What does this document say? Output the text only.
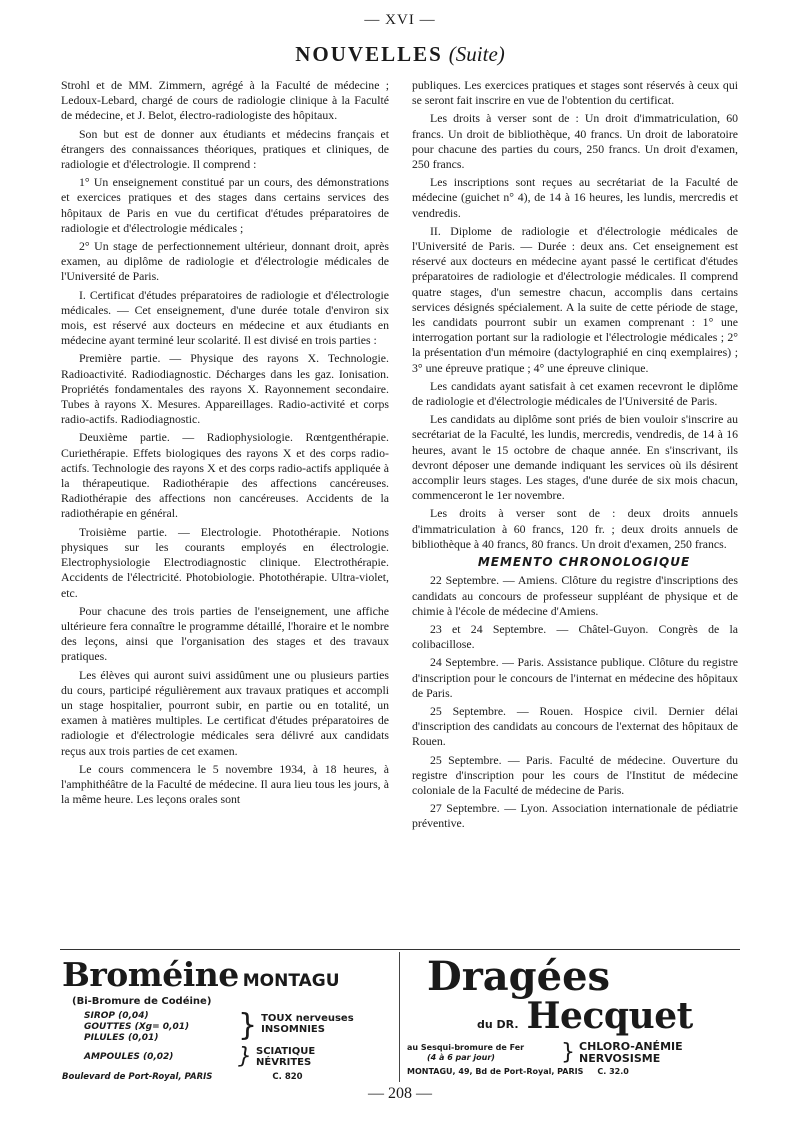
— XVI —
NOUVELLES (Suite)

Strohl et de MM. Zimmern, agrégé à la Faculté de médecine ; Ledoux-Lebard, chargé de cours de radiologie clinique à la Faculté de médecine, et J. Belot, électro-radiologiste des hôpitaux.

Son but est de donner aux étudiants et médecins français et étrangers des connaissances théoriques, pratiques et cliniques, de radiologie et d'électrologie. Il comprend :

1° Un enseignement constitué par un cours, des démonstrations et exercices pratiques et des stages dans certains services des hôpitaux de Paris en vue du certificat d'études préparatoires de radiologie et d'électrologie médicales ;

2° Un stage de perfectionnement ultérieur, donnant droit, après examen, au diplôme de radiologie et d'électrologie médicales de l'Université de Paris.

I. Certificat d'études préparatoires de radiologie et d'électrologie médicales. — Cet enseignement, d'une durée totale d'environ six mois, est réservé aux docteurs en médecine et aux étudiants en médecine ayant terminé leur scolarité. Il est divisé en trois parties :

Première partie. — Physique des rayons X. Technologie. Radioactivité. Radiodiagnostic. Décharges dans les gaz. Ionisation. Propriétés fondamentales des rayons X. Rayonnement secondaire. Tubes à rayons X. Mesures. Appareillages. Radio-activité et corps radio-actifs. Radiodiagnostic.

Deuxième partie. — Radiophysiologie. Rœntgenthérapie. Curiethérapie. Effets biologiques des rayons X et des corps radio-actifs. Technologie des rayons X et des corps radio-actifs appliquée à la thérapeutique. Radiothérapie des affections cancéreuses. Radiothérapie des affections non cancéreuses. Accidents de la radiothérapie en général.

Troisième partie. — Electrologie. Photothérapie. Notions physiques sur les courants employés en électrologie. Electrophysiologie Electrodiagnostic clinique. Electrothérapie. Accidents de l'électricité. Photobiologie. Photothérapie. Ultra-violet, etc.

Pour chacune des trois parties de l'enseignement, une affiche ultérieure fera connaître le programme détaillé, l'horaire et le nombre des leçons, ainsi que l'organisation des stages et des travaux pratiques.

Les élèves qui auront suivi assidûment une ou plusieurs parties du cours, participé régulièrement aux travaux pratiques et accompli un stage hospitalier, pourront subir, en partie ou en totalité, un examen à matières multiples. Le certificat d'études préparatoires de radiologie et d'électrologie médicales sera délivré aux candidats reçus aux trois parties de cet examen.

Le cours commencera le 5 novembre 1934, à 18 heures, à l'amphithéâtre de la Faculté de médecine. Il aura lieu tous les jours, à la même heure. Les leçons orales sont

publiques. Les exercices pratiques et stages sont réservés à ceux qui se seront fait inscrire en vue de l'obtention du certificat.

Les droits à verser sont de : Un droit d'immatriculation, 60 francs. Un droit de bibliothèque, 40 francs. Un droit de laboratoire pour chacune des parties du cours, 250 francs. Un droit d'examen, 250 francs.

Les inscriptions sont reçues au secrétariat de la Faculté de médecine (guichet n° 4), de 14 à 16 heures, les lundis, mercredis et vendredis.

II. Diplome de radiologie et d'électrologie médicales de l'Université de Paris. — Durée : deux ans. Cet enseignement est réservé aux docteurs en médecine ayant passé le certificat d'études préparatoires de radiologie et d'électrologie médicales. Il comprend quatre stages, d'un semestre chacun, accomplis dans certains services désignés spécialement. A la suite de cette période de stage, les candidats pourront subir un examen comprenant : 1° une interrogation portant sur la radiologie et l'électrologie médicales ; 2° la présentation d'un mémoire (dactylographié en cinq exemplaires) ; 3° une épreuve pratique ; 4° une épreuve clinique.

Les candidats ayant satisfait à cet examen recevront le diplôme de radiologie et d'électrologie médicales de l'Université de Paris.

Les candidats au diplôme sont priés de bien vouloir s'inscrire au secrétariat de la Faculté, les lundis, mercredis, vendredis, de 14 à 16 heures, avant le 15 octobre de chaque année. En s'inscrivant, ils devront déposer une demande indiquant les services où ils désirent accomplir leurs stages. Les stages, d'une durée de six mois chacun, commenceront le 1er novembre.

Les droits à verser sont de : deux droits annuels d'immatriculation à 60 francs, 120 fr. ; deux droits annuels de bibliothèque à 40 francs, 80 francs. Un droit d'examen, 250 francs.

MEMENTO CHRONOLOGIQUE

22 Septembre. — Amiens. Clôture du registre d'inscriptions des candidats au concours de professeur suppléant de physique et de chimie à l'école de médecine d'Amiens.

23 et 24 Septembre. — Châtel-Guyon. Congrès de la colibacillose.

24 Septembre. — Paris. Assistance publique. Clôture du registre d'inscription pour le concours de l'internat en médecine des hôpitaux de Paris.

25 Septembre. — Rouen. Hospice civil. Dernier délai d'inscription des candidats au concours de l'externat des hôpitaux de Rouen.

25 Septembre. — Paris. Faculté de médecine. Ouverture du registre d'inscription pour les cours de l'Institut de médecine coloniale de la Faculté de médecine de Paris.

27 Septembre. — Lyon. Association internationale de pédiatrie préventive.

Broméine MONTAGU
(Bi-Bromure de Codéine)
SIROP (0,04)
GOUTTES (Xg= 0,01)
PILULES (0,01)	} TOUX nerveuses
INSOMNIES
AMPOULES (0,02)	} SCIATIQUE
NÉVRITES
Boulevard de Port-Royal, PARIS	C. 820
Dragées
du DR. Hecquet
au Sesqui-bromure de Fer
(4 à 6 par jour)	} CHLORO-ANÉMIE
NERVOSISME
MONTAGU, 49, Bd de Port-Royal, PARIS C. 32.0
— 208 —
